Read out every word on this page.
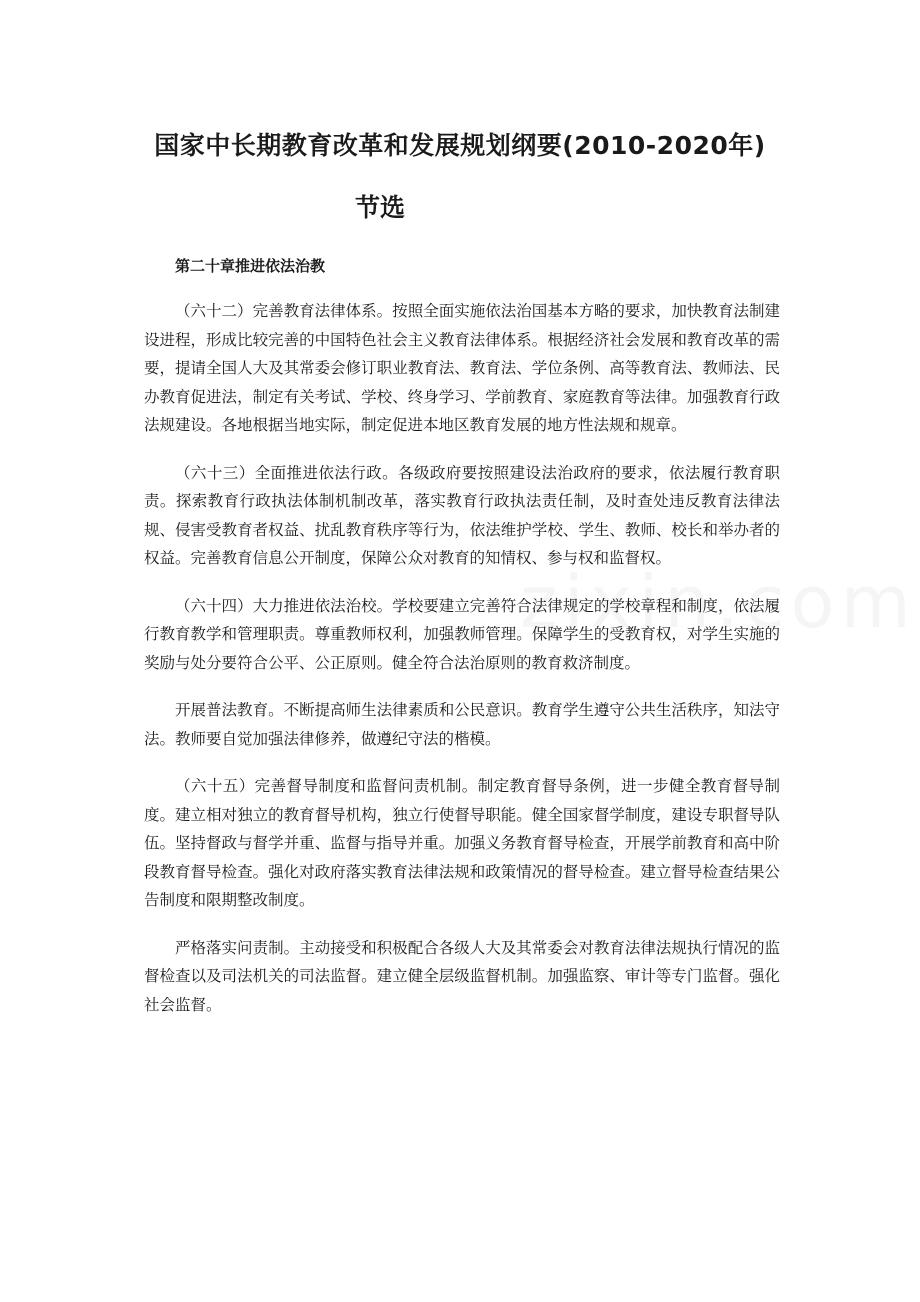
国家中长期教育改革和发展规划纲要(2010-2020年)
节选
第二十章推进依法治教

（六十二）完善教育法律体系。按照全面实施依法治国基本方略的要求，加快教育法制建设进程，形成比较完善的中国特色社会主义教育法律体系。根据经济社会发展和教育改革的需要，提请全国人大及其常委会修订职业教育法、教育法、学位条例、高等教育法、教师法、民办教育促进法，制定有关考试、学校、终身学习、学前教育、家庭教育等法律。加强教育行政法规建设。各地根据当地实际，制定促进本地区教育发展的地方性法规和规章。

（六十三）全面推进依法行政。各级政府要按照建设法治政府的要求，依法履行教育职责。探索教育行政执法体制机制改革，落实教育行政执法责任制，及时查处违反教育法律法规、侵害受教育者权益、扰乱教育秩序等行为，依法维护学校、学生、教师、校长和举办者的权益。完善教育信息公开制度，保障公众对教育的知情权、参与权和监督权。

（六十四）大力推进依法治校。学校要建立完善符合法律规定的学校章程和制度，依法履行教育教学和管理职责。尊重教师权利，加强教师管理。保障学生的受教育权，对学生实施的奖励与处分要符合公平、公正原则。健全符合法治原则的教育救济制度。

开展普法教育。不断提高师生法律素质和公民意识。教育学生遵守公共生活秩序，知法守法。教师要自觉加强法律修养，做遵纪守法的楷模。

（六十五）完善督导制度和监督问责机制。制定教育督导条例，进一步健全教育督导制度。建立相对独立的教育督导机构，独立行使督导职能。健全国家督学制度，建设专职督导队伍。坚持督政与督学并重、监督与指导并重。加强义务教育督导检查，开展学前教育和高中阶段教育督导检查。强化对政府落实教育法律法规和政策情况的督导检查。建立督导检查结果公告制度和限期整改制度。

严格落实问责制。主动接受和积极配合各级人大及其常委会对教育法律法规执行情况的监督检查以及司法机关的司法监督。建立健全层级监督机制。加强监察、审计等专门监督。强化社会监督。
